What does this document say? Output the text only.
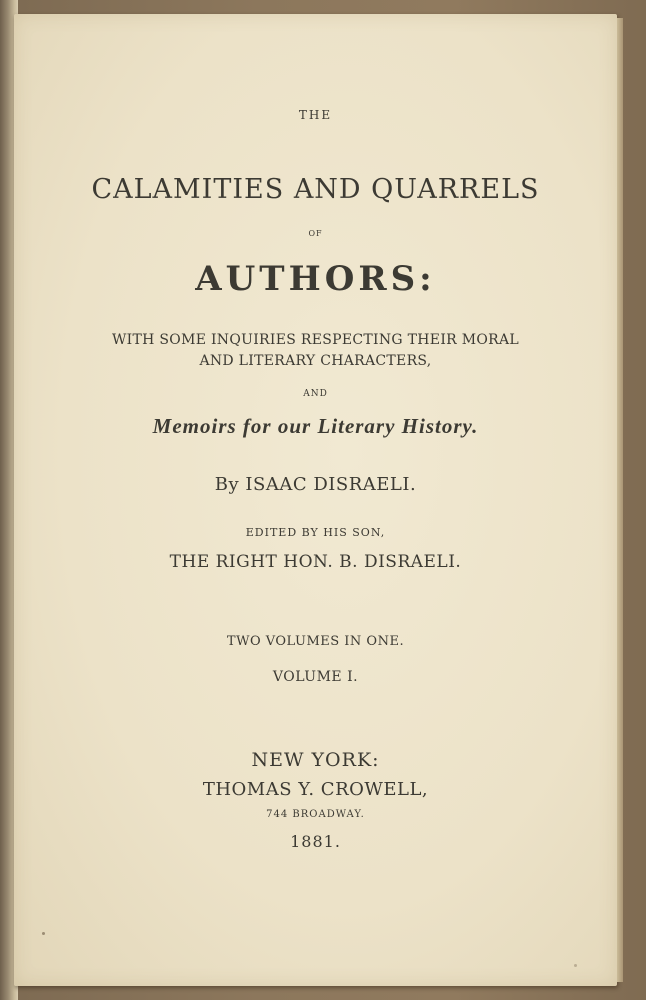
THE
CALAMITIES AND QUARRELS
OF
AUTHORS:
WITH SOME INQUIRIES RESPECTING THEIR MORAL
AND LITERARY CHARACTERS,
AND
Memoirs for our Literary History.
By ISAAC DISRAELI.
EDITED BY HIS SON,
THE RIGHT HON. B. DISRAELI.
TWO VOLUMES IN ONE.
VOLUME I.
NEW YORK:
THOMAS Y. CROWELL,
744 BROADWAY.
1881.
